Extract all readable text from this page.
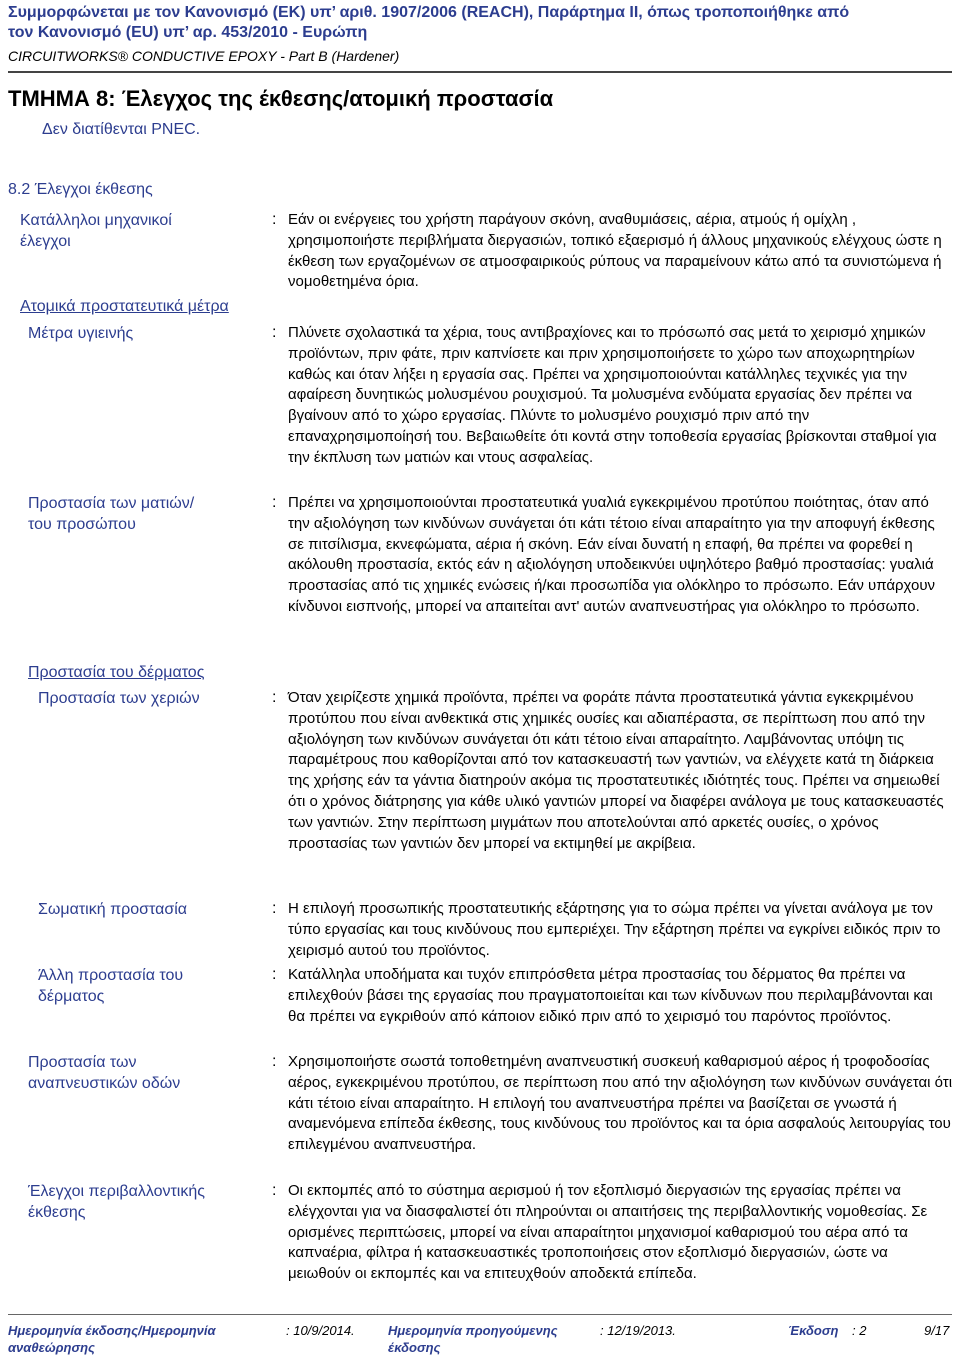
Συμμορφώνεται με τον Κανονισμό (ΕΚ) υπ’ αριθ. 1907/2006 (REACH), Παράρτημα II, όπως τροποποιήθηκε από
τον Κανονισμό (ΕU) υπ’ αρ. 453/2010 - Ευρώπη
CIRCUITWORKS® CONDUCTIVE EPOXY - Part B (Hardener)
ΤΜΗΜΑ 8: Έλεγχος της έκθεσης/ατομική προστασία
Δεν διατίθενται PNEC.
8.2 Έλεγχοι έκθεσης
Κατάλληλοι μηχανικοί
έλεγχοι
: Εάν οι ενέργειες του χρήστη παράγουν σκόνη, αναθυμιάσεις, αέρια, ατμούς ή ομίχλη , χρησιμοποιήστε περιβλήματα διεργασιών, τοπικό εξαερισμό ή άλλους μηχανικούς ελέγχους ώστε η έκθεση των εργαζομένων σε ατμοσφαιρικούς ρύπους να παραμείνουν κάτω από τα συνιστώμενα ή νομοθετημένα όρια.
Ατομικά προστατευτικά μέτρα
Μέτρα υγιεινής	: Πλύνετε σχολαστικά τα χέρια, τους αντιβραχίονες και το πρόσωπό σας μετά το χειρισμό χημικών προϊόντων, πριν φάτε, πριν καπνίσετε και πριν χρησιμοποιήσετε το χώρο των αποχωρητηρίων καθώς και όταν λήξει η εργασία σας. Πρέπει να χρησιμοποιούνται κατάλληλες τεχνικές για την αφαίρεση δυνητικώς μολυσμένου ρουχισμού. Τα μολυσμένα ενδύματα εργασίας δεν πρέπει να βγαίνουν από το χώρο εργασίας. Πλύντε το μολυσμένο ρουχισμό πριν από την επαναχρησιμοποίησή του. Βεβαιωθείτε ότι κοντά στην τοποθεσία εργασίας βρίσκονται σταθμοί για την έκπλυση των ματιών και ντους ασφαλείας.
Προστασία των ματιών/
του προσώπου
: Πρέπει να χρησιμοποιούνται προστατευτικά γυαλιά εγκεκριμένου προτύπου ποιότητας, όταν από την αξιολόγηση των κινδύνων συνάγεται ότι κάτι τέτοιο είναι απαραίτητο για την αποφυγή έκθεσης σε πιτσίλισμα, εκνεφώματα, αέρια ή σκόνη. Εάν είναι δυνατή η επαφή, θα πρέπει να φορεθεί η ακόλουθη προστασία, εκτός εάν η αξιολόγηση υποδεικνύει υψηλότερο βαθμό προστασίας: γυαλιά προστασίας από τις χημικές ενώσεις ή/και προσωπίδα για ολόκληρο το πρόσωπο. Εάν υπάρχουν κίνδυνοι εισπνοής, μπορεί να απαιτείται αντ' αυτών αναπνευστήρας για ολόκληρο το πρόσωπο.
Προστασία του δέρματος
Προστασία των χεριών	: Όταν χειρίζεστε χημικά προϊόντα, πρέπει να φοράτε πάντα προστατευτικά γάντια εγκεκριμένου προτύπου που είναι ανθεκτικά στις χημικές ουσίες και αδιαπέραστα, σε περίπτωση που από την αξιολόγηση των κινδύνων συνάγεται ότι κάτι τέτοιο είναι απαραίτητο. Λαμβάνοντας υπόψη τις παραμέτρους που καθορίζονται από τον κατασκευαστή των γαντιών, να ελέγχετε κατά τη διάρκεια της χρήσης εάν τα γάντια διατηρούν ακόμα τις προστατευτικές ιδιότητές τους. Πρέπει να σημειωθεί ότι ο χρόνος διάτρησης για κάθε υλικό γαντιών μπορεί να διαφέρει ανάλογα με τους κατασκευαστές των γαντιών. Στην περίπτωση μιγμάτων που αποτελούνται από αρκετές ουσίες, ο χρόνος προστασίας των γαντιών δεν μπορεί να εκτιμηθεί με ακρίβεια.
Σωματική προστασία	: Η επιλογή προσωπικής προστατευτικής εξάρτησης για το σώμα πρέπει να γίνεται ανάλογα με τον τύπο εργασίας και τους κινδύνους που εμπεριέχει. Την εξάρτηση πρέπει να εγκρίνει ειδικός πριν το χειρισμό αυτού του προϊόντος.
Άλλη προστασία του
δέρματος
: Κατάλληλα υποδήματα και τυχόν επιπρόσθετα μέτρα προστασίας του δέρματος θα πρέπει να επιλεχθούν βάσει της εργασίας που πραγματοποιείται και των κίνδυνων που περιλαμβάνονται και θα πρέπει να εγκριθούν από κάποιον ειδικό πριν από το χειρισμό του παρόντος προϊόντος.
Προστασία των
αναπνευστικών οδών
: Χρησιμοποιήστε σωστά τοποθετημένη αναπνευστική συσκευή καθαρισμού αέρος ή τροφοδοσίας αέρος, εγκεκριμένου προτύπου, σε περίπτωση που από την αξιολόγηση των κινδύνων συνάγεται ότι κάτι τέτοιο είναι απαραίτητο. Η επιλογή του αναπνευστήρα πρέπει να βασίζεται σε γνωστά ή αναμενόμενα επίπεδα έκθεσης, τους κινδύνους του προϊόντος και τα όρια ασφαλούς λειτουργίας του επιλεγμένου αναπνευστήρα.
Έλεγχοι περιβαλλοντικής
έκθεσης
: Οι εκπομπές από το σύστημα αερισμού ή τον εξοπλισμό διεργασιών της εργασίας πρέπει να ελέγχονται για να διασφαλιστεί ότι πληρούνται οι απαιτήσεις της περιβαλλοντικής νομοθεσίας. Σε ορισμένες περιπτώσεις, μπορεί να είναι απαραίτητοι μηχανισμοί καθαρισμού του αέρα από τα καπναέρια, φίλτρα ή κατασκευαστικές τροποποιήσεις στον εξοπλισμό διεργασιών, ώστε να μειωθούν οι εκπομπές και να επιτευχθούν αποδεκτά επίπεδα.
Ημερομηνία έκδοσης/Ημερομηνία
αναθεώρησης
: 10/9/2014.	Ημερομηνία προηγούμενης
έκδοσης
: 12/19/2013.	Έκδοση : 2	9/17
